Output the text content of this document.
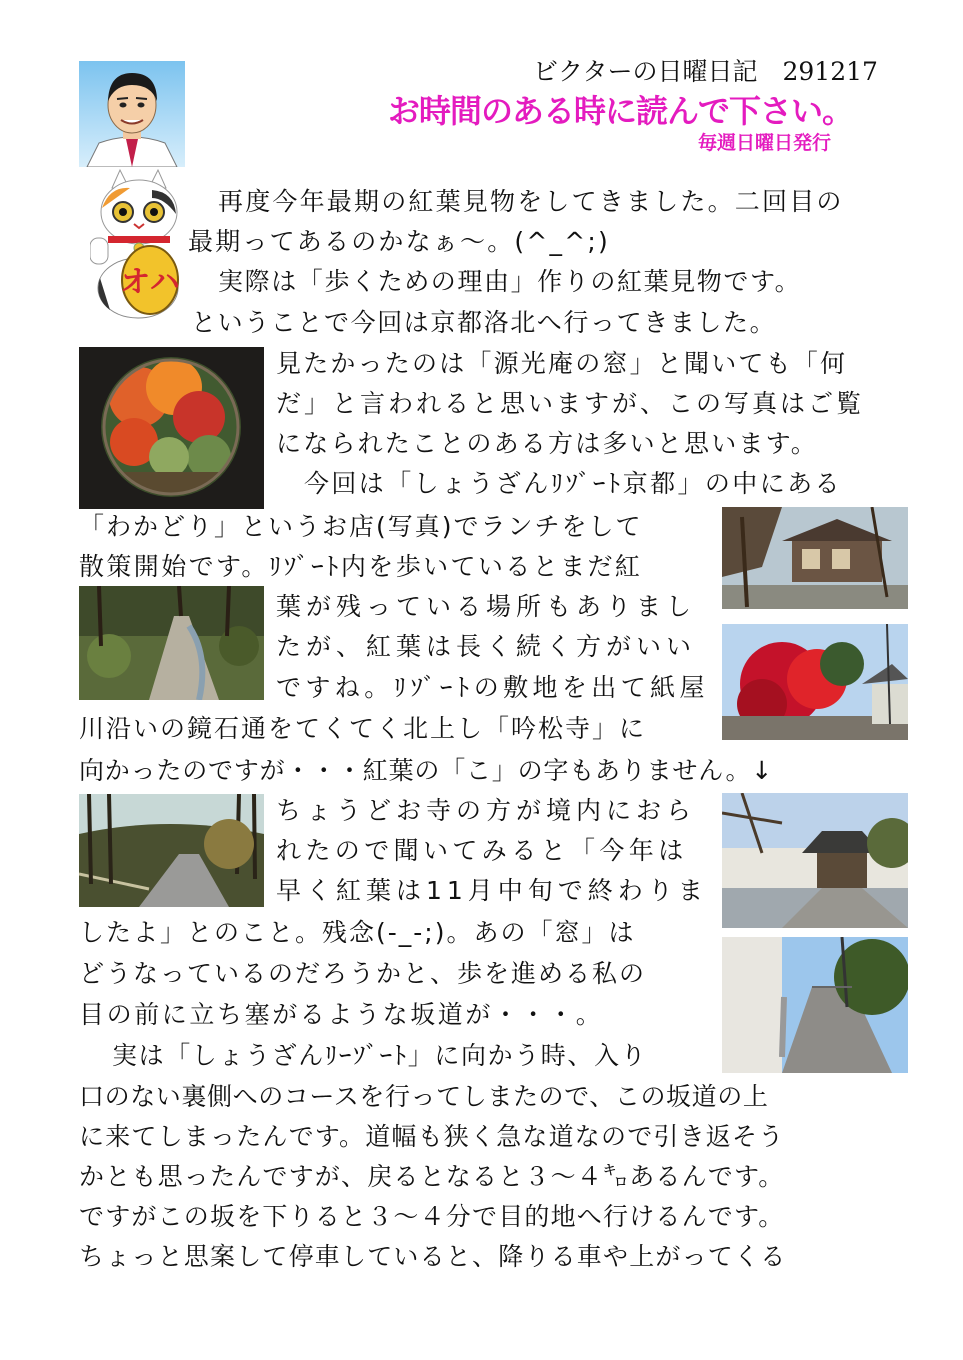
ビクターの日曜日記　291217
お時間のある時に読んで下さい。
毎週日曜日発行
オハ
再度今年最期の紅葉見物をしてきました。二回目の
最期ってあるのかなぁ～。(^_^;)
実際は「歩くための理由」作りの紅葉見物です。
ということで今回は京都洛北へ行ってきました。
見たかったのは「源光庵の窓」と聞いても「何
だ」と言われると思いますが、この写真はご覧
になられたことのある方は多いと思います。
今回は「しょうざんﾘｿﾞｰﾄ京都」の中にある
「わかどり」というお店(写真)でランチをして
散策開始です。ﾘｿﾞｰﾄ内を歩いているとまだ紅
葉が残っている場所もありまし
たが、紅葉は長く続く方がいい
ですね。ﾘｿﾞｰﾄの敷地を出て紙屋
川沿いの鏡石通をてくてく北上し「吟松寺」に
向かったのですが・・・紅葉の「こ」の字もありません。↓
ちょうどお寺の方が境内におら
れたので聞いてみると「今年は
早く紅葉は11月中旬で終わりま
したよ」とのこと。残念(-_-;)。あの「窓」は
どうなっているのだろうかと、歩を進める私の
目の前に立ち塞がるような坂道が・・・。
実は「しょうざんﾘｰｿﾞｰﾄ」に向かう時、入り
口のない裏側へのコースを行ってしまたので、この坂道の上
に来てしまったんです。道幅も狭く急な道なので引き返そう
かとも思ったんですが、戻るとなると３～４㌔あるんです。
ですがこの坂を下りると３～４分で目的地へ行けるんです。
ちょっと思案して停車していると、降りる車や上がってくる
